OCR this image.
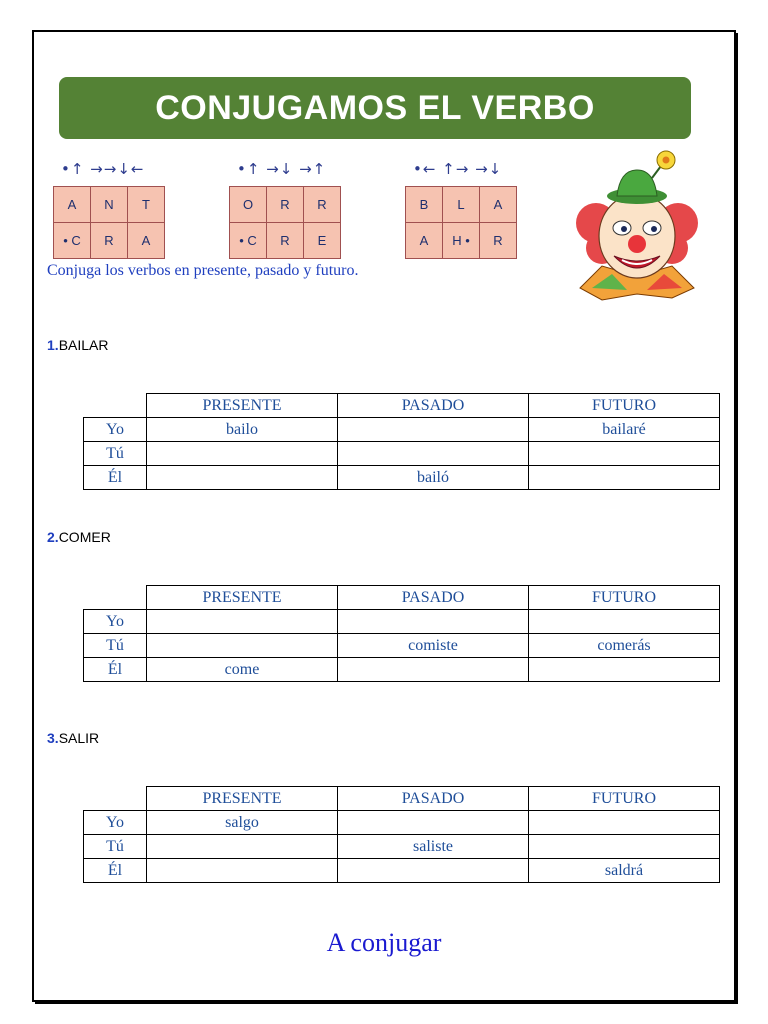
CONJUGAMOS EL VERBO
•↑ →→↓←
A	N	T
• C	R	A
•↑ →↓ →↑
O	R	R
• C	R	E
•← ↑→ →↓
B	L	A
A	H •	R
Conjuga los verbos en presente, pasado y futuro.
1.BAILAR
	PRESENTE	PASADO	FUTURO
Yo	bailo		bailaré
Tú			
Él		bailó	
2.COMER
	PRESENTE	PASADO	FUTURO
Yo			
Tú		comiste	comerás
Él	come		
3.SALIR
	PRESENTE	PASADO	FUTURO
Yo	salgo		
Tú		saliste	
Él			saldrá
A conjugar
